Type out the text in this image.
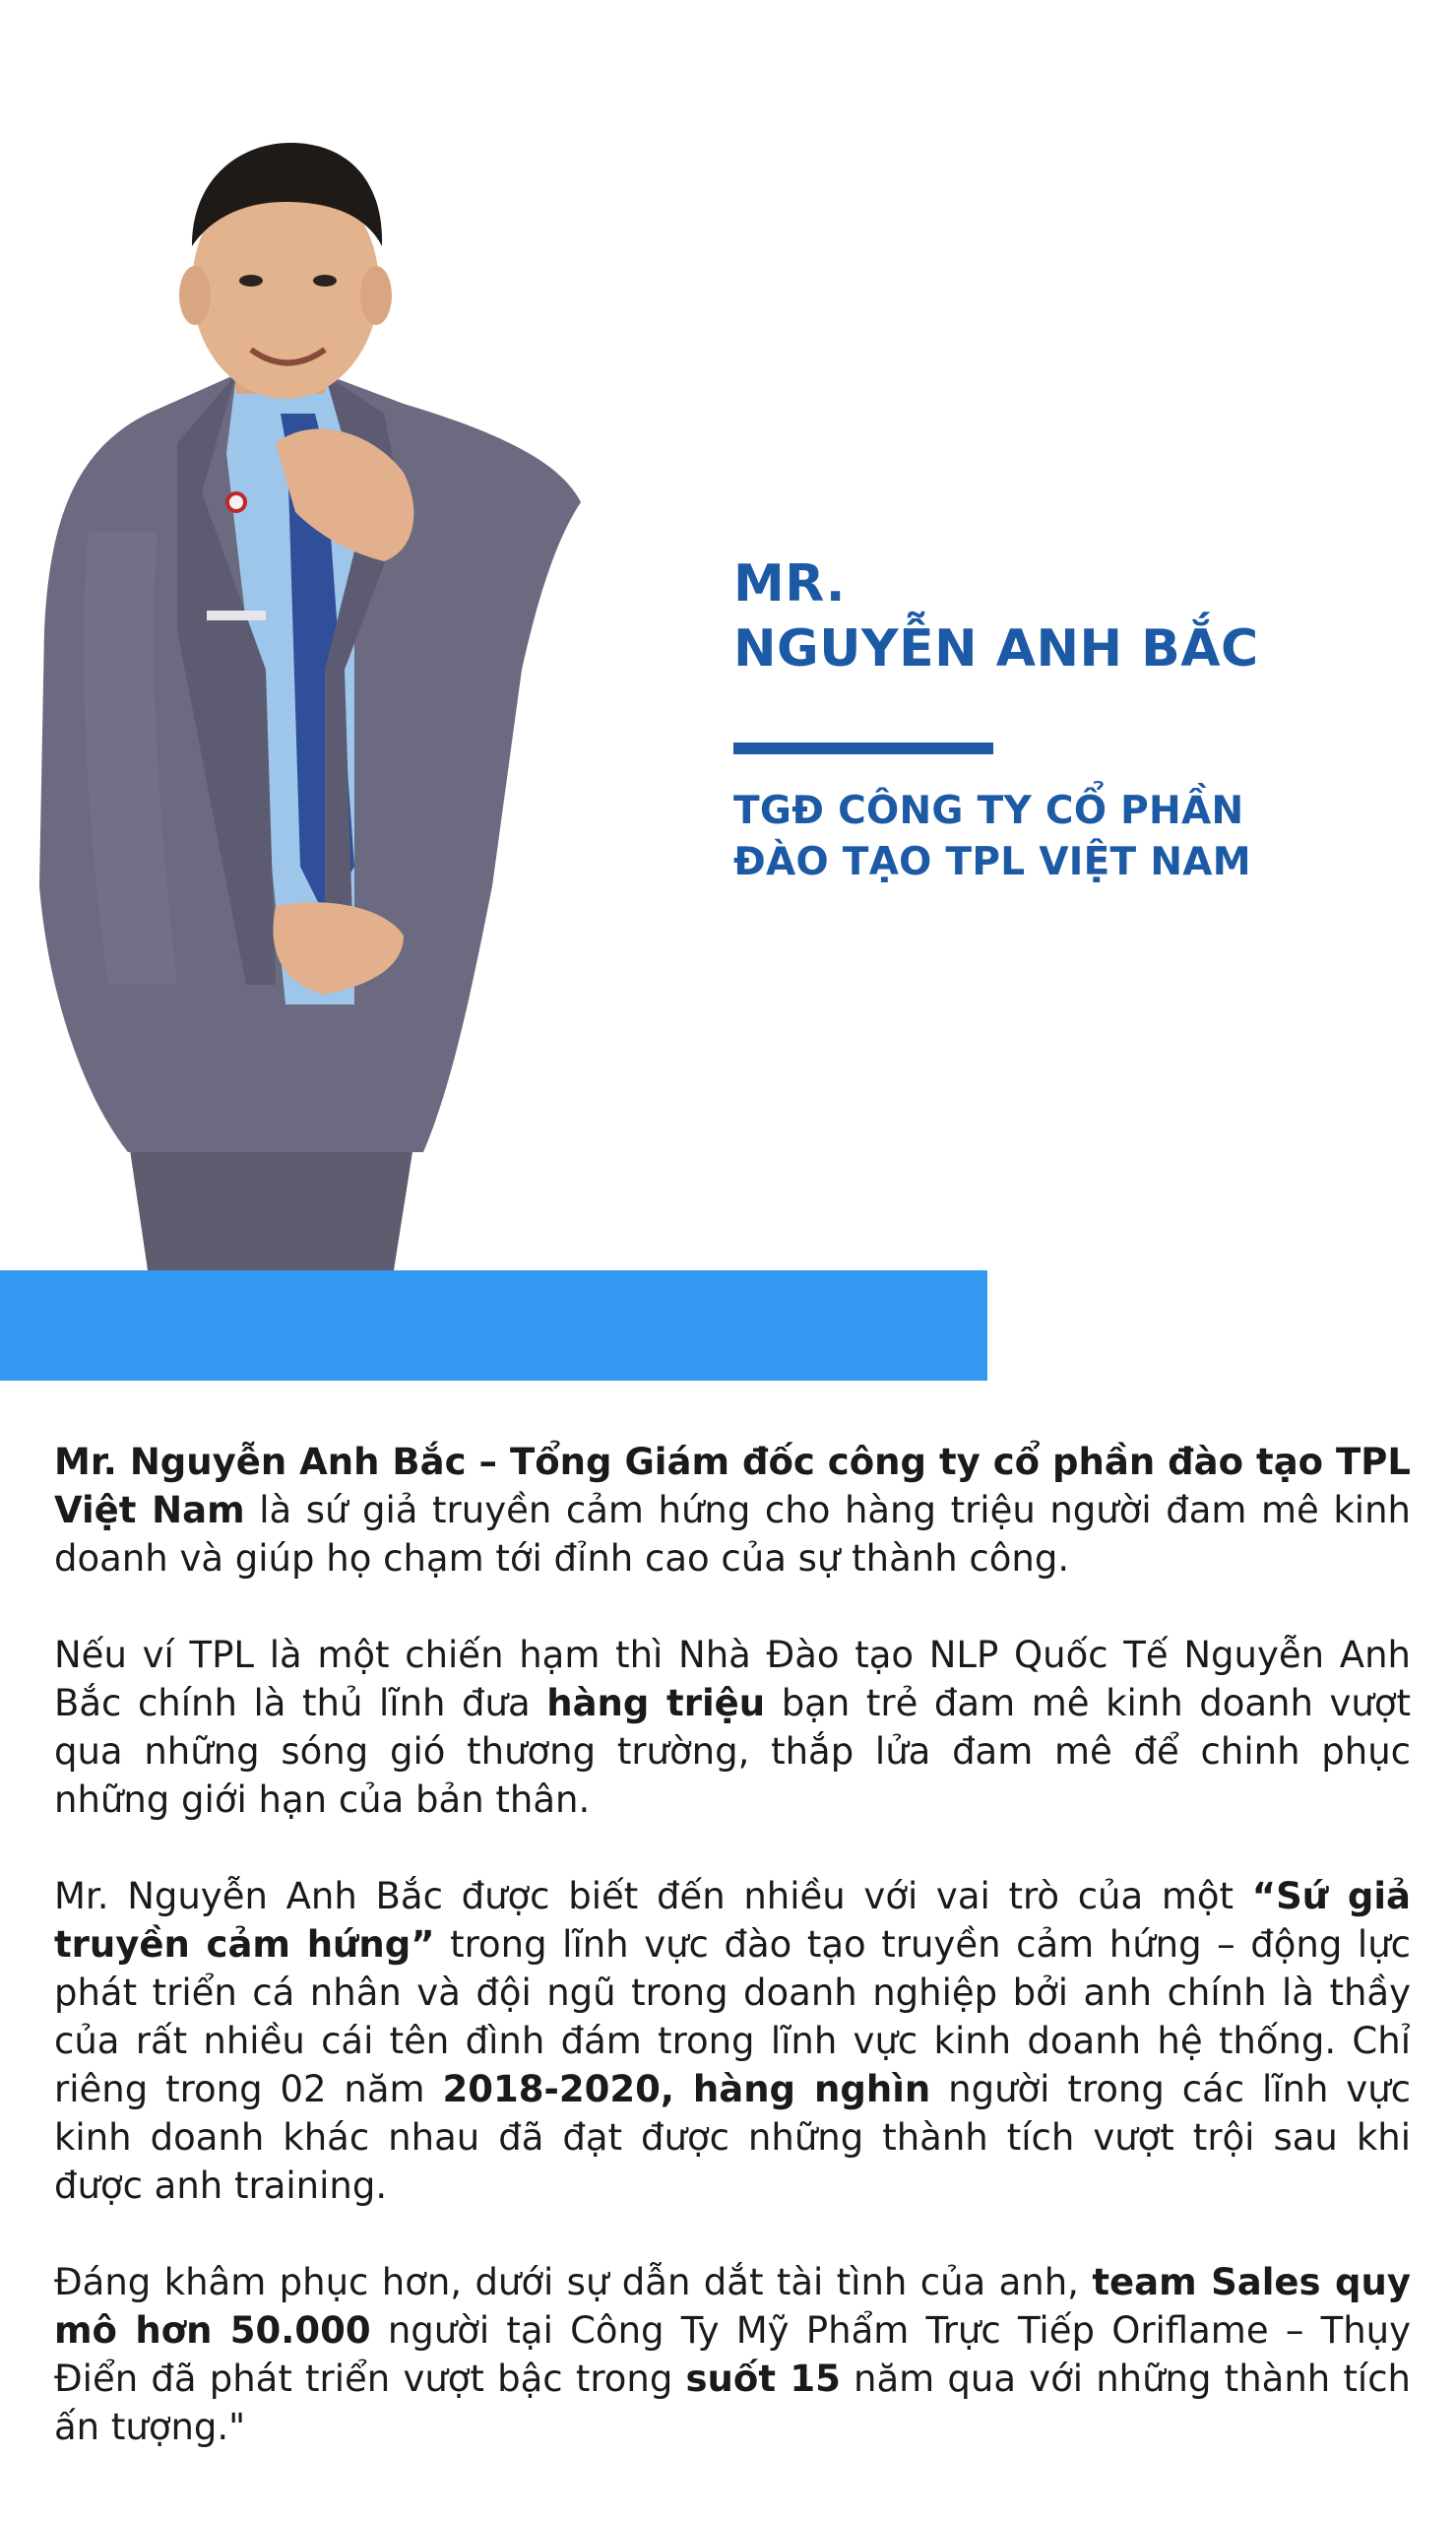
MR.

NGUYỄN ANH BẮC

TGĐ CÔNG TY CỔ PHẦN

ĐÀO TẠO TPL VIỆT NAM

Mr. Nguyễn Anh Bắc – Tổng Giám đốc công ty cổ phần đào tạo TPL Việt Nam là sứ giả truyền cảm hứng cho hàng triệu người đam mê kinh doanh và giúp họ chạm tới đỉnh cao của sự thành công.

Nếu ví TPL là một chiến hạm thì Nhà Đào tạo NLP Quốc Tế Nguyễn Anh Bắc chính là thủ lĩnh đưa hàng triệu bạn trẻ đam mê kinh doanh vượt qua những sóng gió thương trường, thắp lửa đam mê để chinh phục những giới hạn của bản thân.

Mr. Nguyễn Anh Bắc được biết đến nhiều với vai trò của một “Sứ giả truyền cảm hứng” trong lĩnh vực đào tạo truyền cảm hứng – động lực phát triển cá nhân và đội ngũ trong doanh nghiệp bởi anh chính là thầy của rất nhiều cái tên đình đám trong lĩnh vực kinh doanh hệ thống. Chỉ riêng trong 02 năm 2018-2020, hàng nghìn người trong các lĩnh vực kinh doanh khác nhau đã đạt được những thành tích vượt trội sau khi được anh training.

Đáng khâm phục hơn, dưới sự dẫn dắt tài tình của anh, team Sales quy mô hơn 50.000 người tại Công Ty Mỹ Phẩm Trực Tiếp Oriflame – Thụy Điển đã phát triển vượt bậc trong suốt 15 năm qua với những thành tích ấn tượng."
